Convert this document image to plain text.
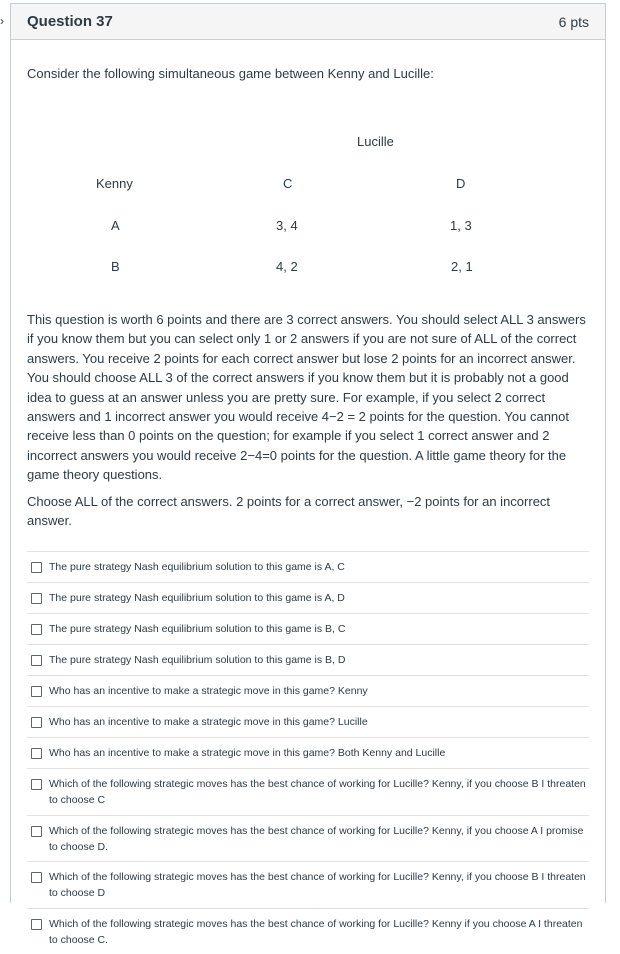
› Question 37	6 pts
Consider the following simultaneous game between Kenny and Lucille:
Lucille
Kenny	C	D
A	3, 4	1, 3
B	4, 2	2, 1

This question is worth 6 points and there are 3 correct answers. You should select ALL 3 answers if you know them but you can select only 1 or 2 answers if you are not sure of ALL of the correct answers. You receive 2 points for each correct answer but lose 2 points for an incorrect answer. You should choose ALL 3 of the correct answers if you know them but it is probably not a good idea to guess at an answer unless you are pretty sure. For example, if you select 2 correct answers and 1 incorrect answer you would receive 4−2 = 2 points for the question. You cannot receive less than 0 points on the question; for example if you select 1 correct answer and 2 incorrect answers you would receive 2−4=0 points for the question. A little game theory for the game theory questions.

Choose ALL of the correct answers. 2 points for a correct answer, −2 points for an incorrect answer.

The pure strategy Nash equilibrium solution to this game is A, C
The pure strategy Nash equilibrium solution to this game is A, D
The pure strategy Nash equilibrium solution to this game is B, C
The pure strategy Nash equilibrium solution to this game is B, D
Who has an incentive to make a strategic move in this game? Kenny
Who has an incentive to make a strategic move in this game? Lucille
Who has an incentive to make a strategic move in this game? Both Kenny and Lucille
Which of the following strategic moves has the best chance of working for Lucille? Kenny, if you choose B I threaten to choose C
Which of the following strategic moves has the best chance of working for Lucille? Kenny, if you choose A I promise to choose D.
Which of the following strategic moves has the best chance of working for Lucille? Kenny, if you choose B I threaten to choose D
Which of the following strategic moves has the best chance of working for Lucille? Kenny if you choose A I threaten to choose C.
